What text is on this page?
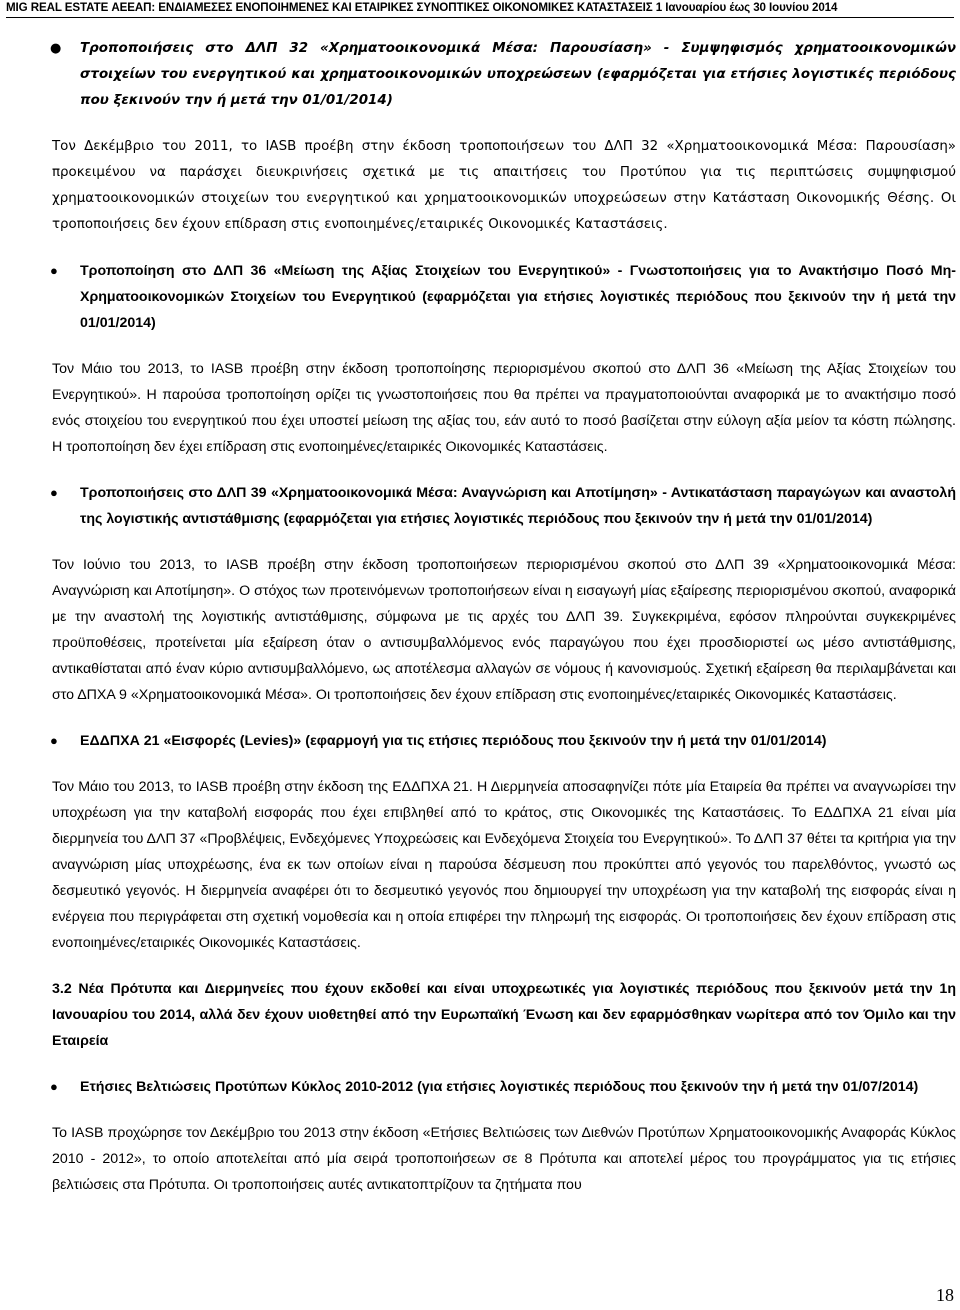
MIG REAL ESTATE ΑΕΕΑΠ: ΕΝΔΙΑΜΕΣΕΣ ΕΝΟΠΟΙΗΜΕΝΕΣ ΚΑΙ ΕΤΑΙΡΙΚΕΣ ΣΥΝΟΠΤΙΚΕΣ ΟΙΚΟΝΟΜΙΚΕΣ ΚΑΤΑΣΤΑΣΕΙΣ 1 Ιανουαρίου έως 30 Ιουνίου 2014
● Τροποποιήσεις στο ΔΛΠ 32 «Χρηματοοικονομικά Μέσα: Παρουσίαση» - Συμψηφισμός χρηματοοικονομικών στοιχείων του ενεργητικού και χρηματοοικονομικών υποχρεώσεων (εφαρμόζεται για ετήσιες λογιστικές περιόδους που ξεκινούν την ή μετά την 01/01/2014)
Τον Δεκέμβριο του 2011, το IASB προέβη στην έκδοση τροποποιήσεων του ΔΛΠ 32 «Χρηματοοικονομικά Μέσα: Παρουσίαση» προκειμένου να παράσχει διευκρινήσεις σχετικά με τις απαιτήσεις του Προτύπου για τις περιπτώσεις συμψηφισμού χρηματοοικονομικών στοιχείων του ενεργητικού και χρηματοοικονομικών υποχρεώσεων στην Κατάσταση Οικονομικής Θέσης. Οι τροποποιήσεις δεν έχουν επίδραση στις ενοποιημένες/εταιρικές Οικονομικές Καταστάσεις.
● Τροποποίηση στο ΔΛΠ 36 «Μείωση της Αξίας Στοιχείων του Ενεργητικού» - Γνωστοποιήσεις για το Ανακτήσιμο Ποσό Μη-Χρηματοοικονομικών Στοιχείων του Ενεργητικού (εφαρμόζεται για ετήσιες λογιστικές περιόδους που ξεκινούν την ή μετά την 01/01/2014)
Τον Μάιο του 2013, το IASB προέβη στην έκδοση τροποποίησης περιορισμένου σκοπού στο ΔΛΠ 36 «Μείωση της Αξίας Στοιχείων του Ενεργητικού». Η παρούσα τροποποίηση ορίζει τις γνωστοποιήσεις που θα πρέπει να πραγματοποιούνται αναφορικά με το ανακτήσιμο ποσό ενός στοιχείου του ενεργητικού που έχει υποστεί μείωση της αξίας του, εάν αυτό το ποσό βασίζεται στην εύλογη αξία μείον τα κόστη πώλησης. Η τροποποίηση δεν έχει επίδραση στις ενοποιημένες/εταιρικές Οικονομικές Καταστάσεις.
● Τροποποιήσεις στο ΔΛΠ 39 «Χρηματοοικονομικά Μέσα: Αναγνώριση και Αποτίμηση» - Αντικατάσταση παραγώγων και αναστολή της λογιστικής αντιστάθμισης (εφαρμόζεται για ετήσιες λογιστικές περιόδους που ξεκινούν την ή μετά την 01/01/2014)
Τον Ιούνιο του 2013, το IASB προέβη στην έκδοση τροποποιήσεων περιορισμένου σκοπού στο ΔΛΠ 39 «Χρηματοοικονομικά Μέσα: Αναγνώριση και Αποτίμηση». Ο στόχος των προτεινόμενων τροποποιήσεων είναι η εισαγωγή μίας εξαίρεσης περιορισμένου σκοπού, αναφορικά με την αναστολή της λογιστικής αντιστάθμισης, σύμφωνα με τις αρχές του ΔΛΠ 39. Συγκεκριμένα, εφόσον πληρούνται συγκεκριμένες προϋποθέσεις, προτείνεται μία εξαίρεση όταν ο αντισυμβαλλόμενος ενός παραγώγου που έχει προσδιοριστεί ως μέσο αντιστάθμισης, αντικαθίσταται από έναν κύριο αντισυμβαλλόμενο, ως αποτέλεσμα αλλαγών σε νόμους ή κανονισμούς. Σχετική εξαίρεση θα περιλαμβάνεται και στο ΔΠΧΑ 9 «Χρηματοοικονομικά Μέσα». Οι τροποποιήσεις δεν έχουν επίδραση στις ενοποιημένες/εταιρικές Οικονομικές Καταστάσεις.
● ΕΔΔΠΧΑ 21 «Εισφορές (Levies)» (εφαρμογή για τις ετήσιες περιόδους που ξεκινούν την ή μετά την 01/01/2014)
Τον Μάιο του 2013, το IASB προέβη στην έκδοση της ΕΔΔΠΧΑ 21. Η Διερμηνεία αποσαφηνίζει πότε μία Εταιρεία θα πρέπει να αναγνωρίσει την υποχρέωση για την καταβολή εισφοράς που έχει επιβληθεί από το κράτος, στις Οικονομικές της Καταστάσεις. Το ΕΔΔΠΧΑ 21 είναι μία διερμηνεία του ΔΛΠ 37 «Προβλέψεις, Ενδεχόμενες Υποχρεώσεις και Ενδεχόμενα Στοιχεία του Ενεργητικού». Το ΔΛΠ 37 θέτει τα κριτήρια για την αναγνώριση μίας υποχρέωσης, ένα εκ των οποίων είναι η παρούσα δέσμευση που προκύπτει από γεγονός του παρελθόντος, γνωστό ως δεσμευτικό γεγονός. Η διερμηνεία αναφέρει ότι το δεσμευτικό γεγονός που δημιουργεί την υποχρέωση για την καταβολή της εισφοράς είναι η ενέργεια που περιγράφεται στη σχετική νομοθεσία και η οποία επιφέρει την πληρωμή της εισφοράς. Οι τροποποιήσεις δεν έχουν επίδραση στις ενοποιημένες/εταιρικές Οικονομικές Καταστάσεις.
3.2 Νέα Πρότυπα και Διερμηνείες που έχουν εκδοθεί και είναι υποχρεωτικές για λογιστικές περιόδους που ξεκινούν μετά την 1η Ιανουαρίου του 2014, αλλά δεν έχουν υιοθετηθεί από την Ευρωπαϊκή Ένωση και δεν εφαρμόσθηκαν νωρίτερα από τον Όμιλο και την Εταιρεία
● Ετήσιες Βελτιώσεις Προτύπων Κύκλος 2010-2012 (για ετήσιες λογιστικές περιόδους που ξεκινούν την ή μετά την 01/07/2014)
Το IASB προχώρησε τον Δεκέμβριο του 2013 στην έκδοση «Ετήσιες Βελτιώσεις των Διεθνών Προτύπων Χρηματοοικονομικής Αναφοράς Κύκλος 2010 - 2012», το οποίο αποτελείται από μία σειρά τροποποιήσεων σε 8 Πρότυπα και αποτελεί μέρος του προγράμματος για τις ετήσιες βελτιώσεις στα Πρότυπα. Οι τροποποιήσεις αυτές αντικατοπτρίζουν τα ζητήματα που
18
